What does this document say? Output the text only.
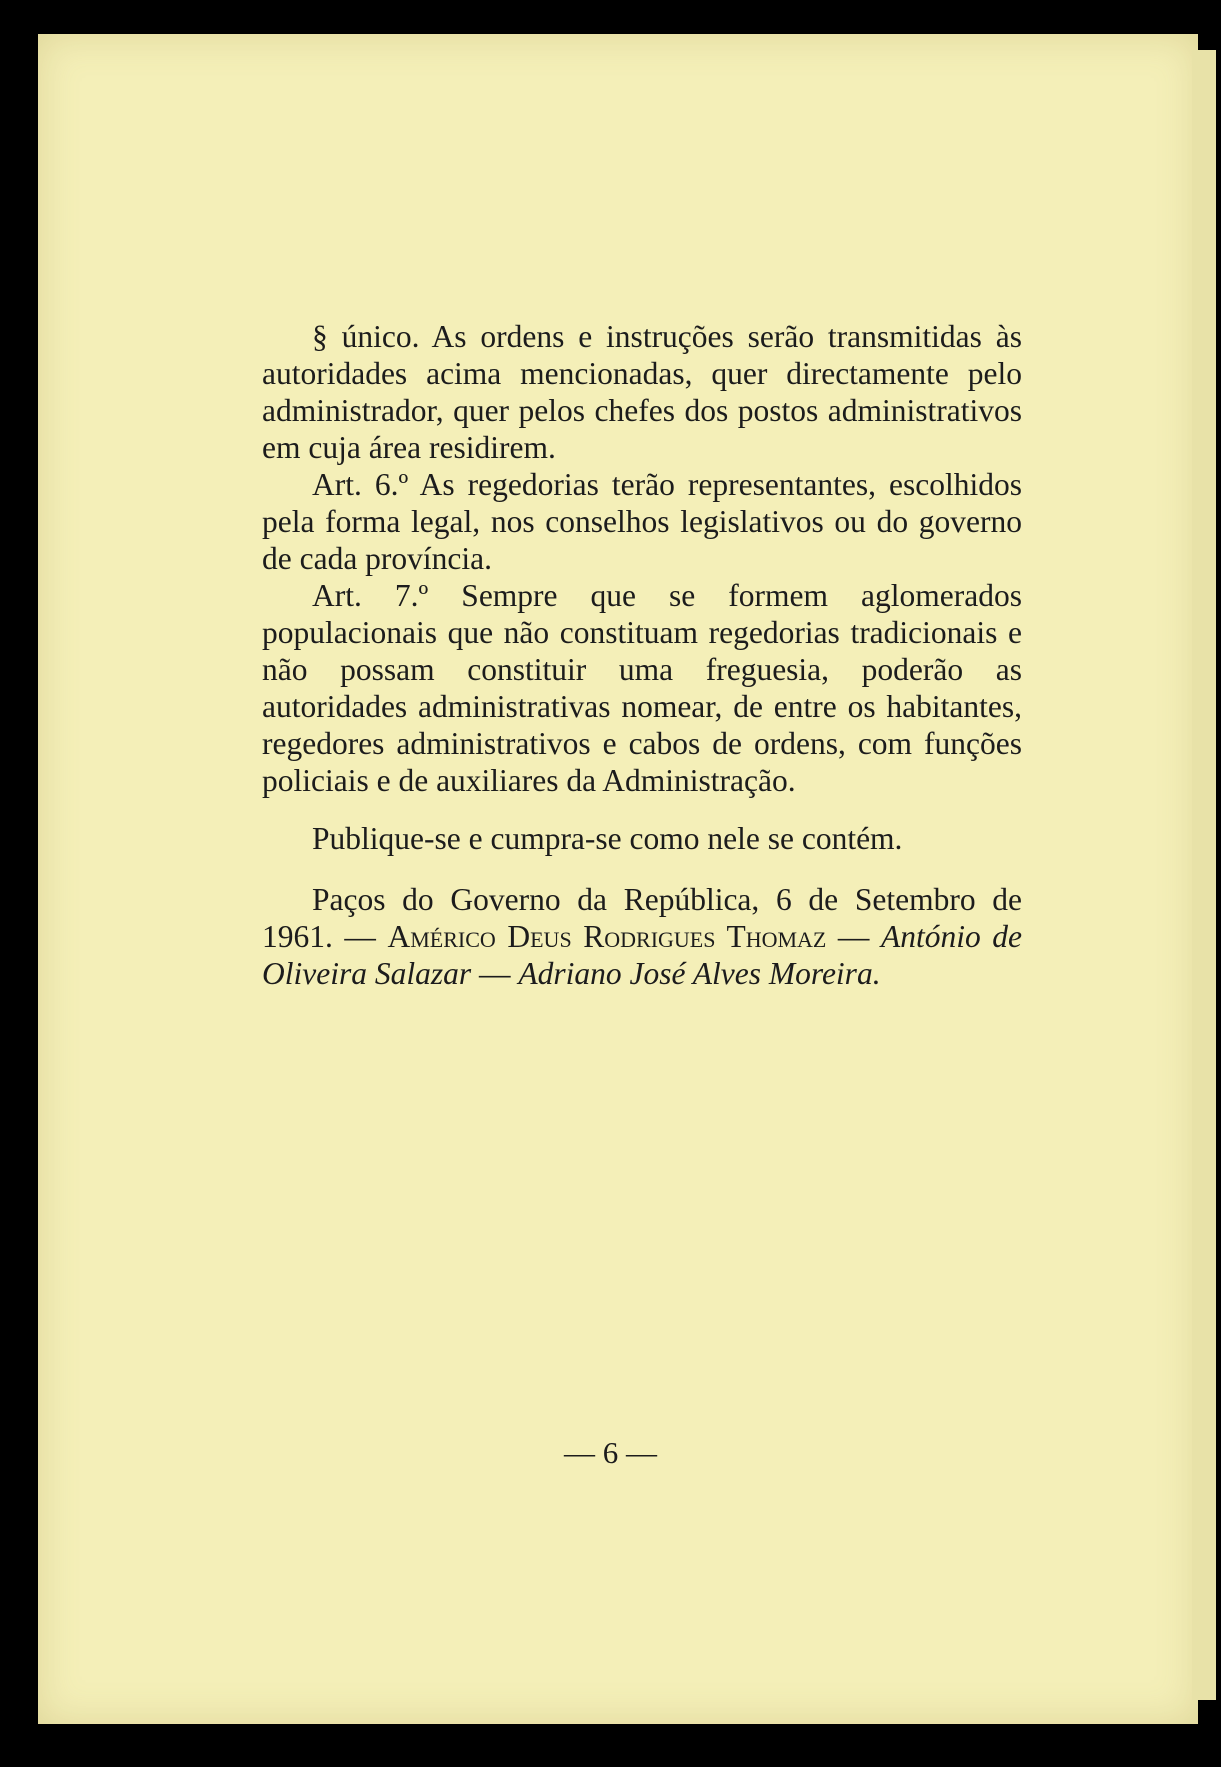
§ único. As ordens e instruções serão transmitidas às autoridades acima mencionadas, quer directamente pelo administrador, quer pelos chefes dos postos administrativos em cuja área residirem.

Art. 6.º As regedorias terão representantes, escolhidos pela forma legal, nos conselhos legislativos ou do governo de cada província.

Art. 7.º Sempre que se formem aglomerados populacionais que não constituam regedorias tradicionais e não possam constituir uma freguesia, poderão as autoridades administrativas nomear, de entre os habitantes, regedores administrativos e cabos de ordens, com funções policiais e de auxiliares da Administração.

Publique-se e cumpra-se como nele se contém.

Paços do Governo da República, 6 de Setembro de 1961. — Américo Deus Rodrigues Thomaz — António de Oliveira Salazar — Adriano José Alves Moreira.

— 6 —
